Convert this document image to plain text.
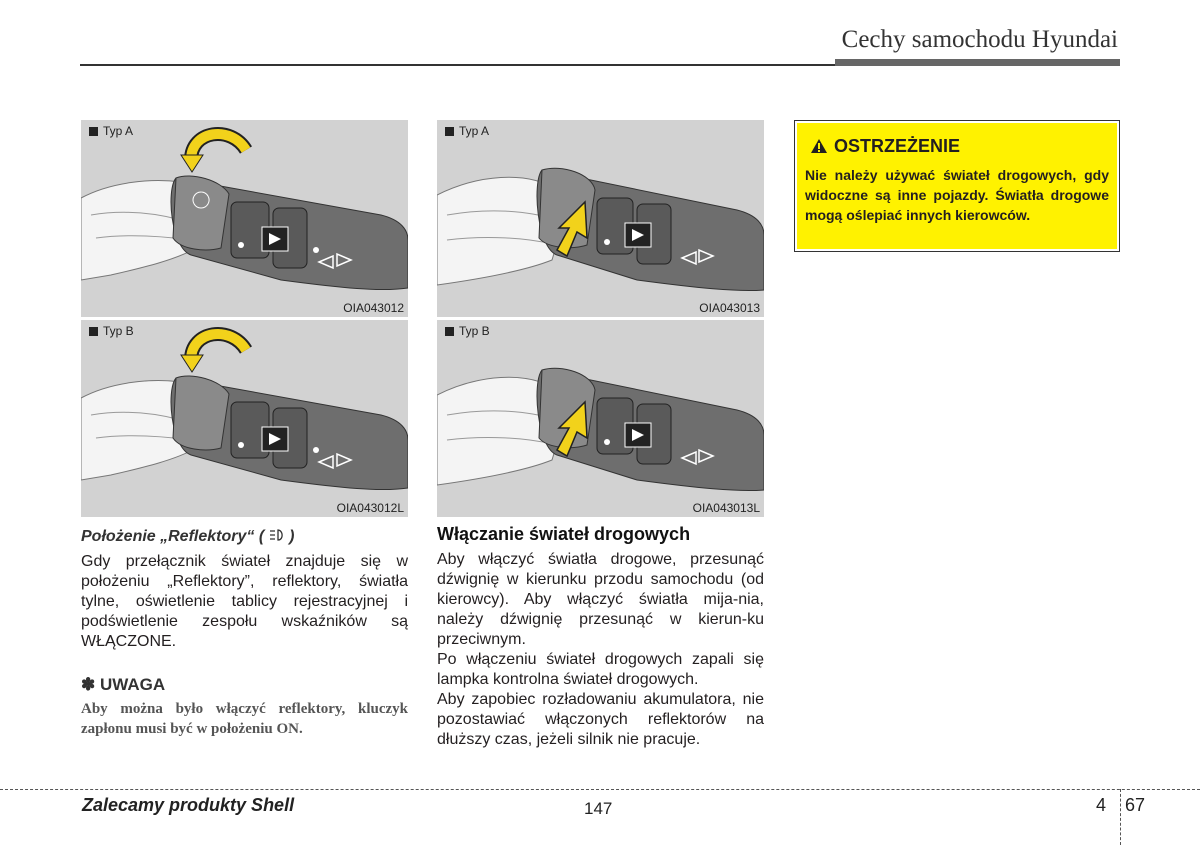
Cechy samochodu Hyundai
Typ A
OIA043012
Typ B
OIA043012L
Typ A
OIA043013
Typ B
OIA043013L
Położenie „Reflektory“ ( )

Gdy przełącznik świateł znajduje się w położeniu „Reflektory”, reflektory, światła tylne, oświetlenie tablicy rejestracyjnej i podświetlenie zespołu wskaźników są WŁĄCZONE.

✽ UWAGA
Aby można było włączyć reflektory, kluczyk zapłonu musi być w położeniu ON.
Włączanie świateł drogowych

Aby włączyć światła drogowe, przesunąć dźwignię w kierunku przodu samochodu (od kierowcy). Aby włączyć światła mija-nia, należy dźwignię przesunąć w kierun-ku przeciwnym.

Po włączeniu świateł drogowych zapali się lampka kontrolna świateł drogowych.

Aby zapobiec rozładowaniu akumulatora, nie pozostawiać włączonych reflektorów na dłuższy czas, jeżeli silnik nie pracuje.

OSTRZEŻENIE
Nie należy używać świateł drogowych, gdy widoczne są inne pojazdy. Światła drogowe mogą oślepiać innych kierowców.
Zalecamy produkty Shell	147	4 67
